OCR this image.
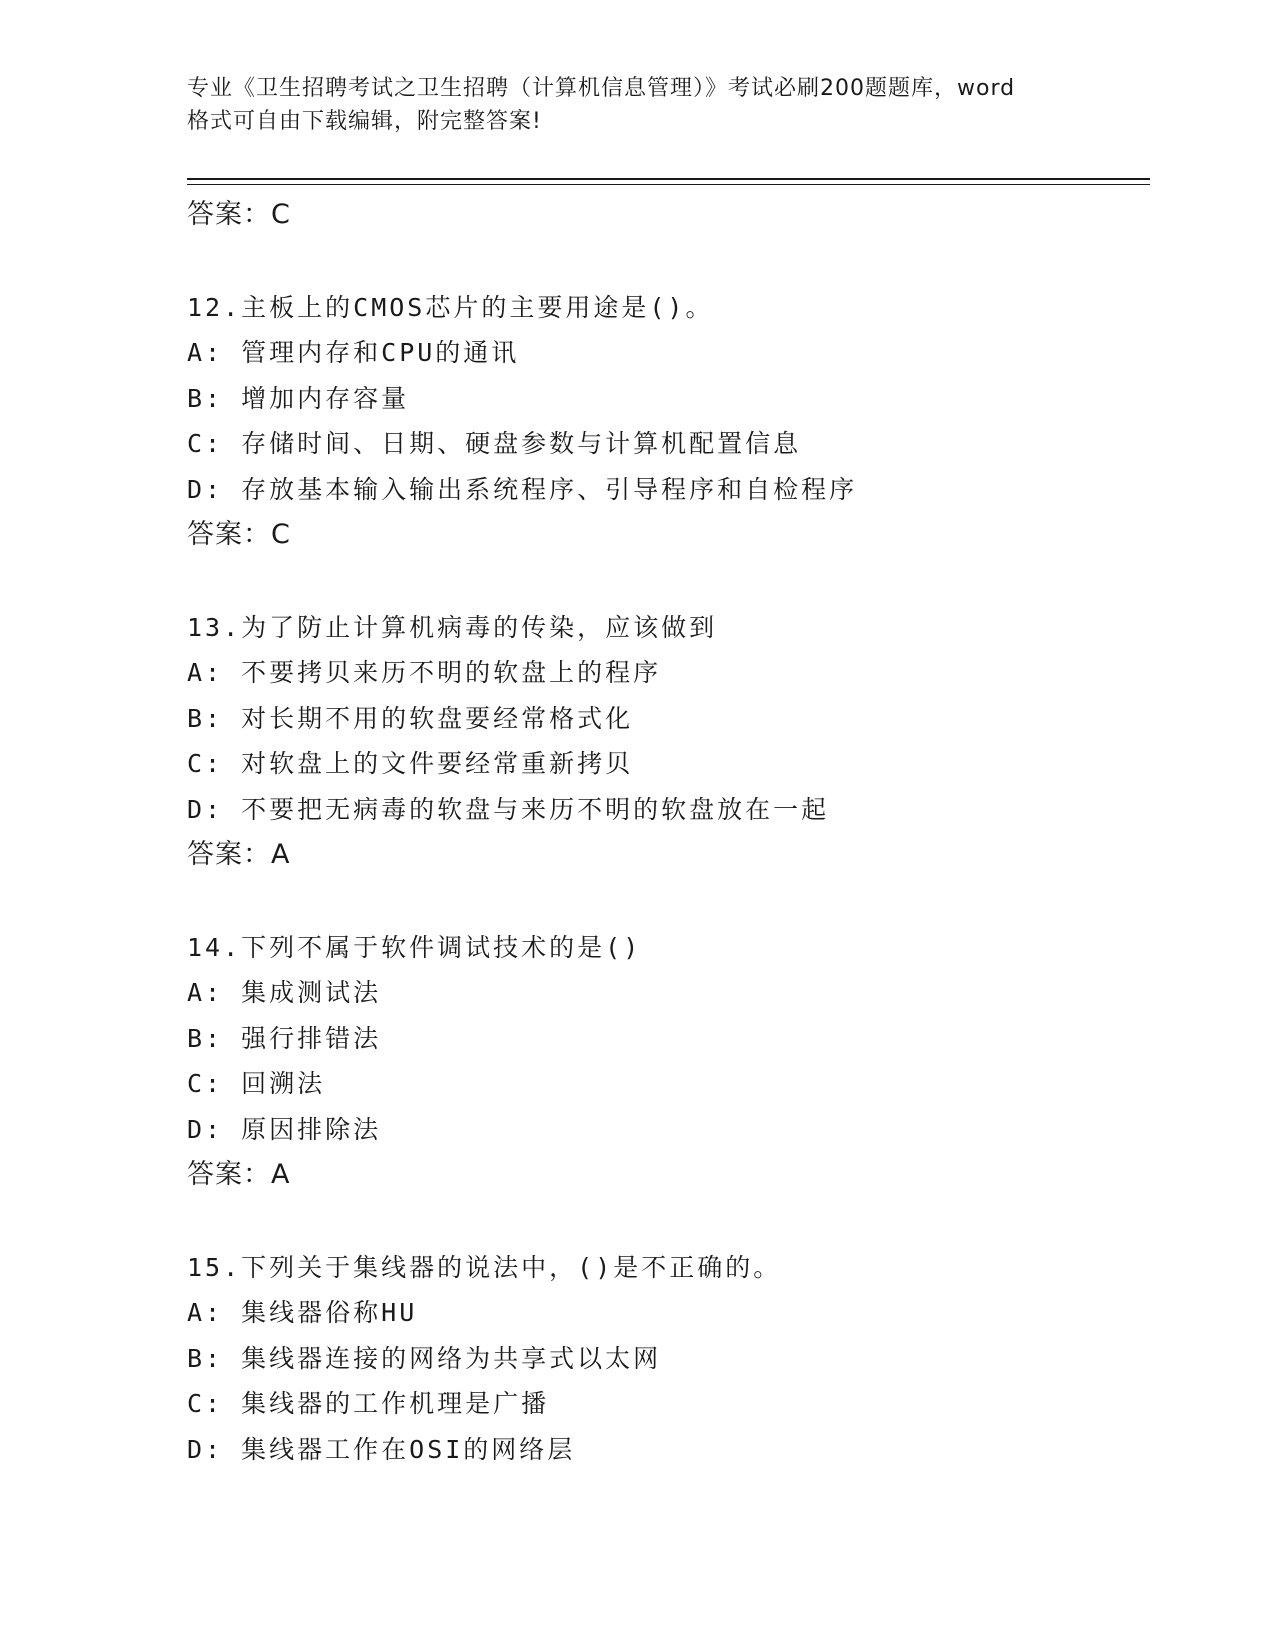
专业《卫生招聘考试之卫生招聘（计算机信息管理）》考试必刷200题题库，word
格式可自由下载编辑，附完整答案!
答案：C
12.主板上的CMOS芯片的主要用途是()。
A: 管理内存和CPU的通讯
B: 增加内存容量
C: 存储时间、日期、硬盘参数与计算机配置信息
D: 存放基本输入输出系统程序、引导程序和自检程序
答案：C
13.为了防止计算机病毒的传染，应该做到
A: 不要拷贝来历不明的软盘上的程序
B: 对长期不用的软盘要经常格式化
C: 对软盘上的文件要经常重新拷贝
D: 不要把无病毒的软盘与来历不明的软盘放在一起
答案：A
14.下列不属于软件调试技术的是()
A: 集成测试法
B: 强行排错法
C: 回溯法
D: 原因排除法
答案：A
15.下列关于集线器的说法中，()是不正确的。
A: 集线器俗称HU
B: 集线器连接的网络为共享式以太网
C: 集线器的工作机理是广播
D: 集线器工作在OSI的网络层
